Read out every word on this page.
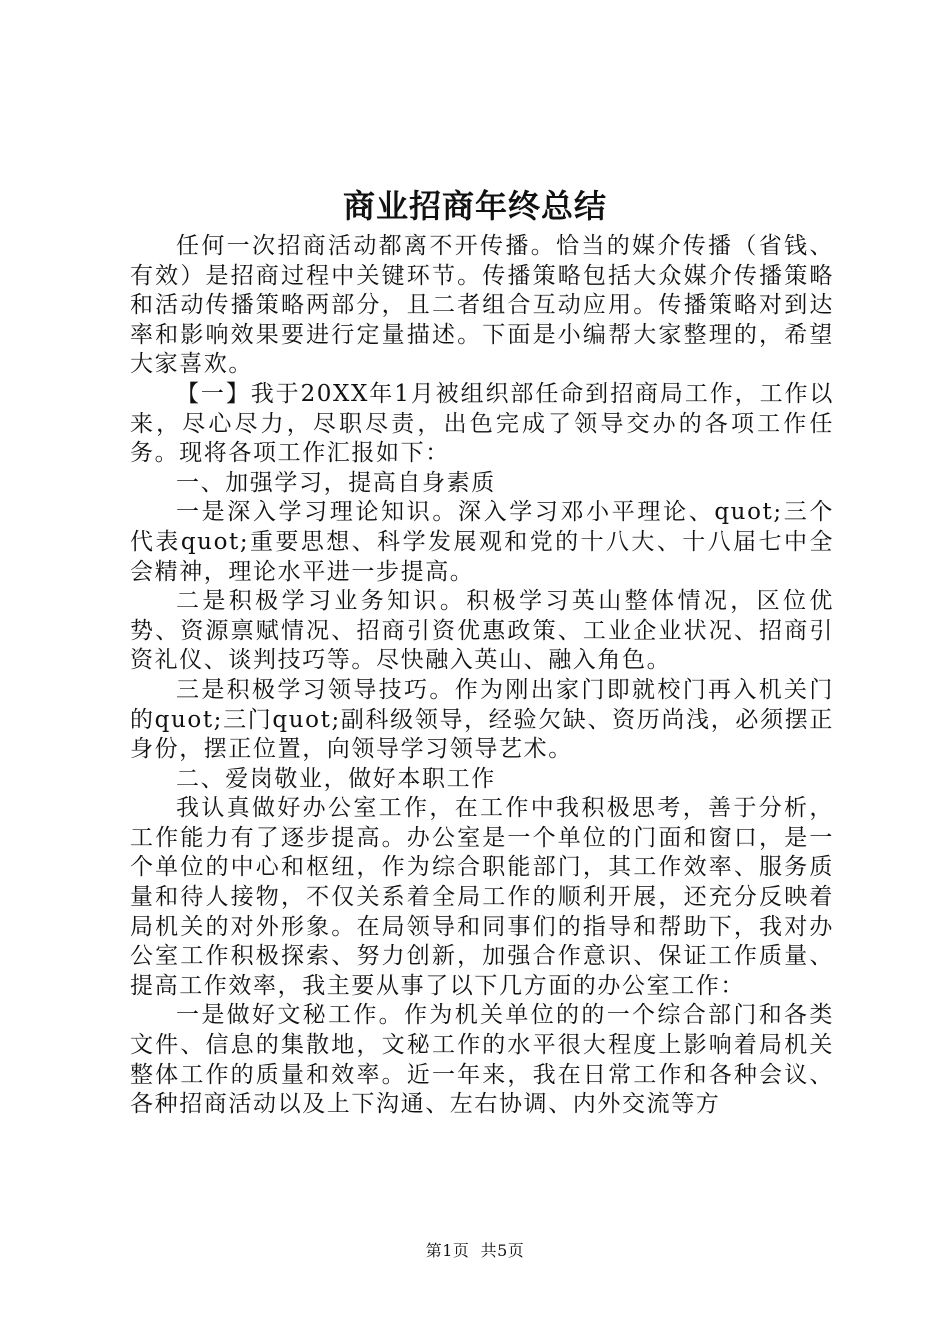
商业招商年终总结

任何一次招商活动都离不开传播。恰当的媒介传播（省钱、有效）是招商过程中关键环节。传播策略包括大众媒介传播策略和活动传播策略两部分，且二者组合互动应用。传播策略对到达率和影响效果要进行定量描述。下面是小编帮大家整理的，希望大家喜欢。

【一】我于20XX年1月被组织部任命到招商局工作，工作以来，尽心尽力，尽职尽责，出色完成了领导交办的各项工作任务。现将各项工作汇报如下：

一、加强学习，提高自身素质

一是深入学习理论知识。深入学习邓小平理论、quot;三个代表quot;重要思想、科学发展观和党的十八大、十八届七中全会精神，理论水平进一步提高。

二是积极学习业务知识。积极学习英山整体情况，区位优势、资源禀赋情况、招商引资优惠政策、工业企业状况、招商引资礼仪、谈判技巧等。尽快融入英山、融入角色。

三是积极学习领导技巧。作为刚出家门即就校门再入机关门的quot;三门quot;副科级领导，经验欠缺、资历尚浅，必须摆正身份，摆正位置，向领导学习领导艺术。

二、爱岗敬业，做好本职工作

我认真做好办公室工作，在工作中我积极思考，善于分析，工作能力有了逐步提高。办公室是一个单位的门面和窗口，是一个单位的中心和枢纽，作为综合职能部门，其工作效率、服务质量和待人接物，不仅关系着全局工作的顺利开展，还充分反映着局机关的对外形象。在局领导和同事们的指导和帮助下，我对办公室工作积极探索、努力创新，加强合作意识、保证工作质量、提高工作效率，我主要从事了以下几方面的办公室工作：

一是做好文秘工作。作为机关单位的的一个综合部门和各类文件、信息的集散地，文秘工作的水平很大程度上影响着局机关整体工作的质量和效率。近一年来，我在日常工作和各种会议、各种招商活动以及上下沟通、左右协调、内外交流等方

第1页 共5页
